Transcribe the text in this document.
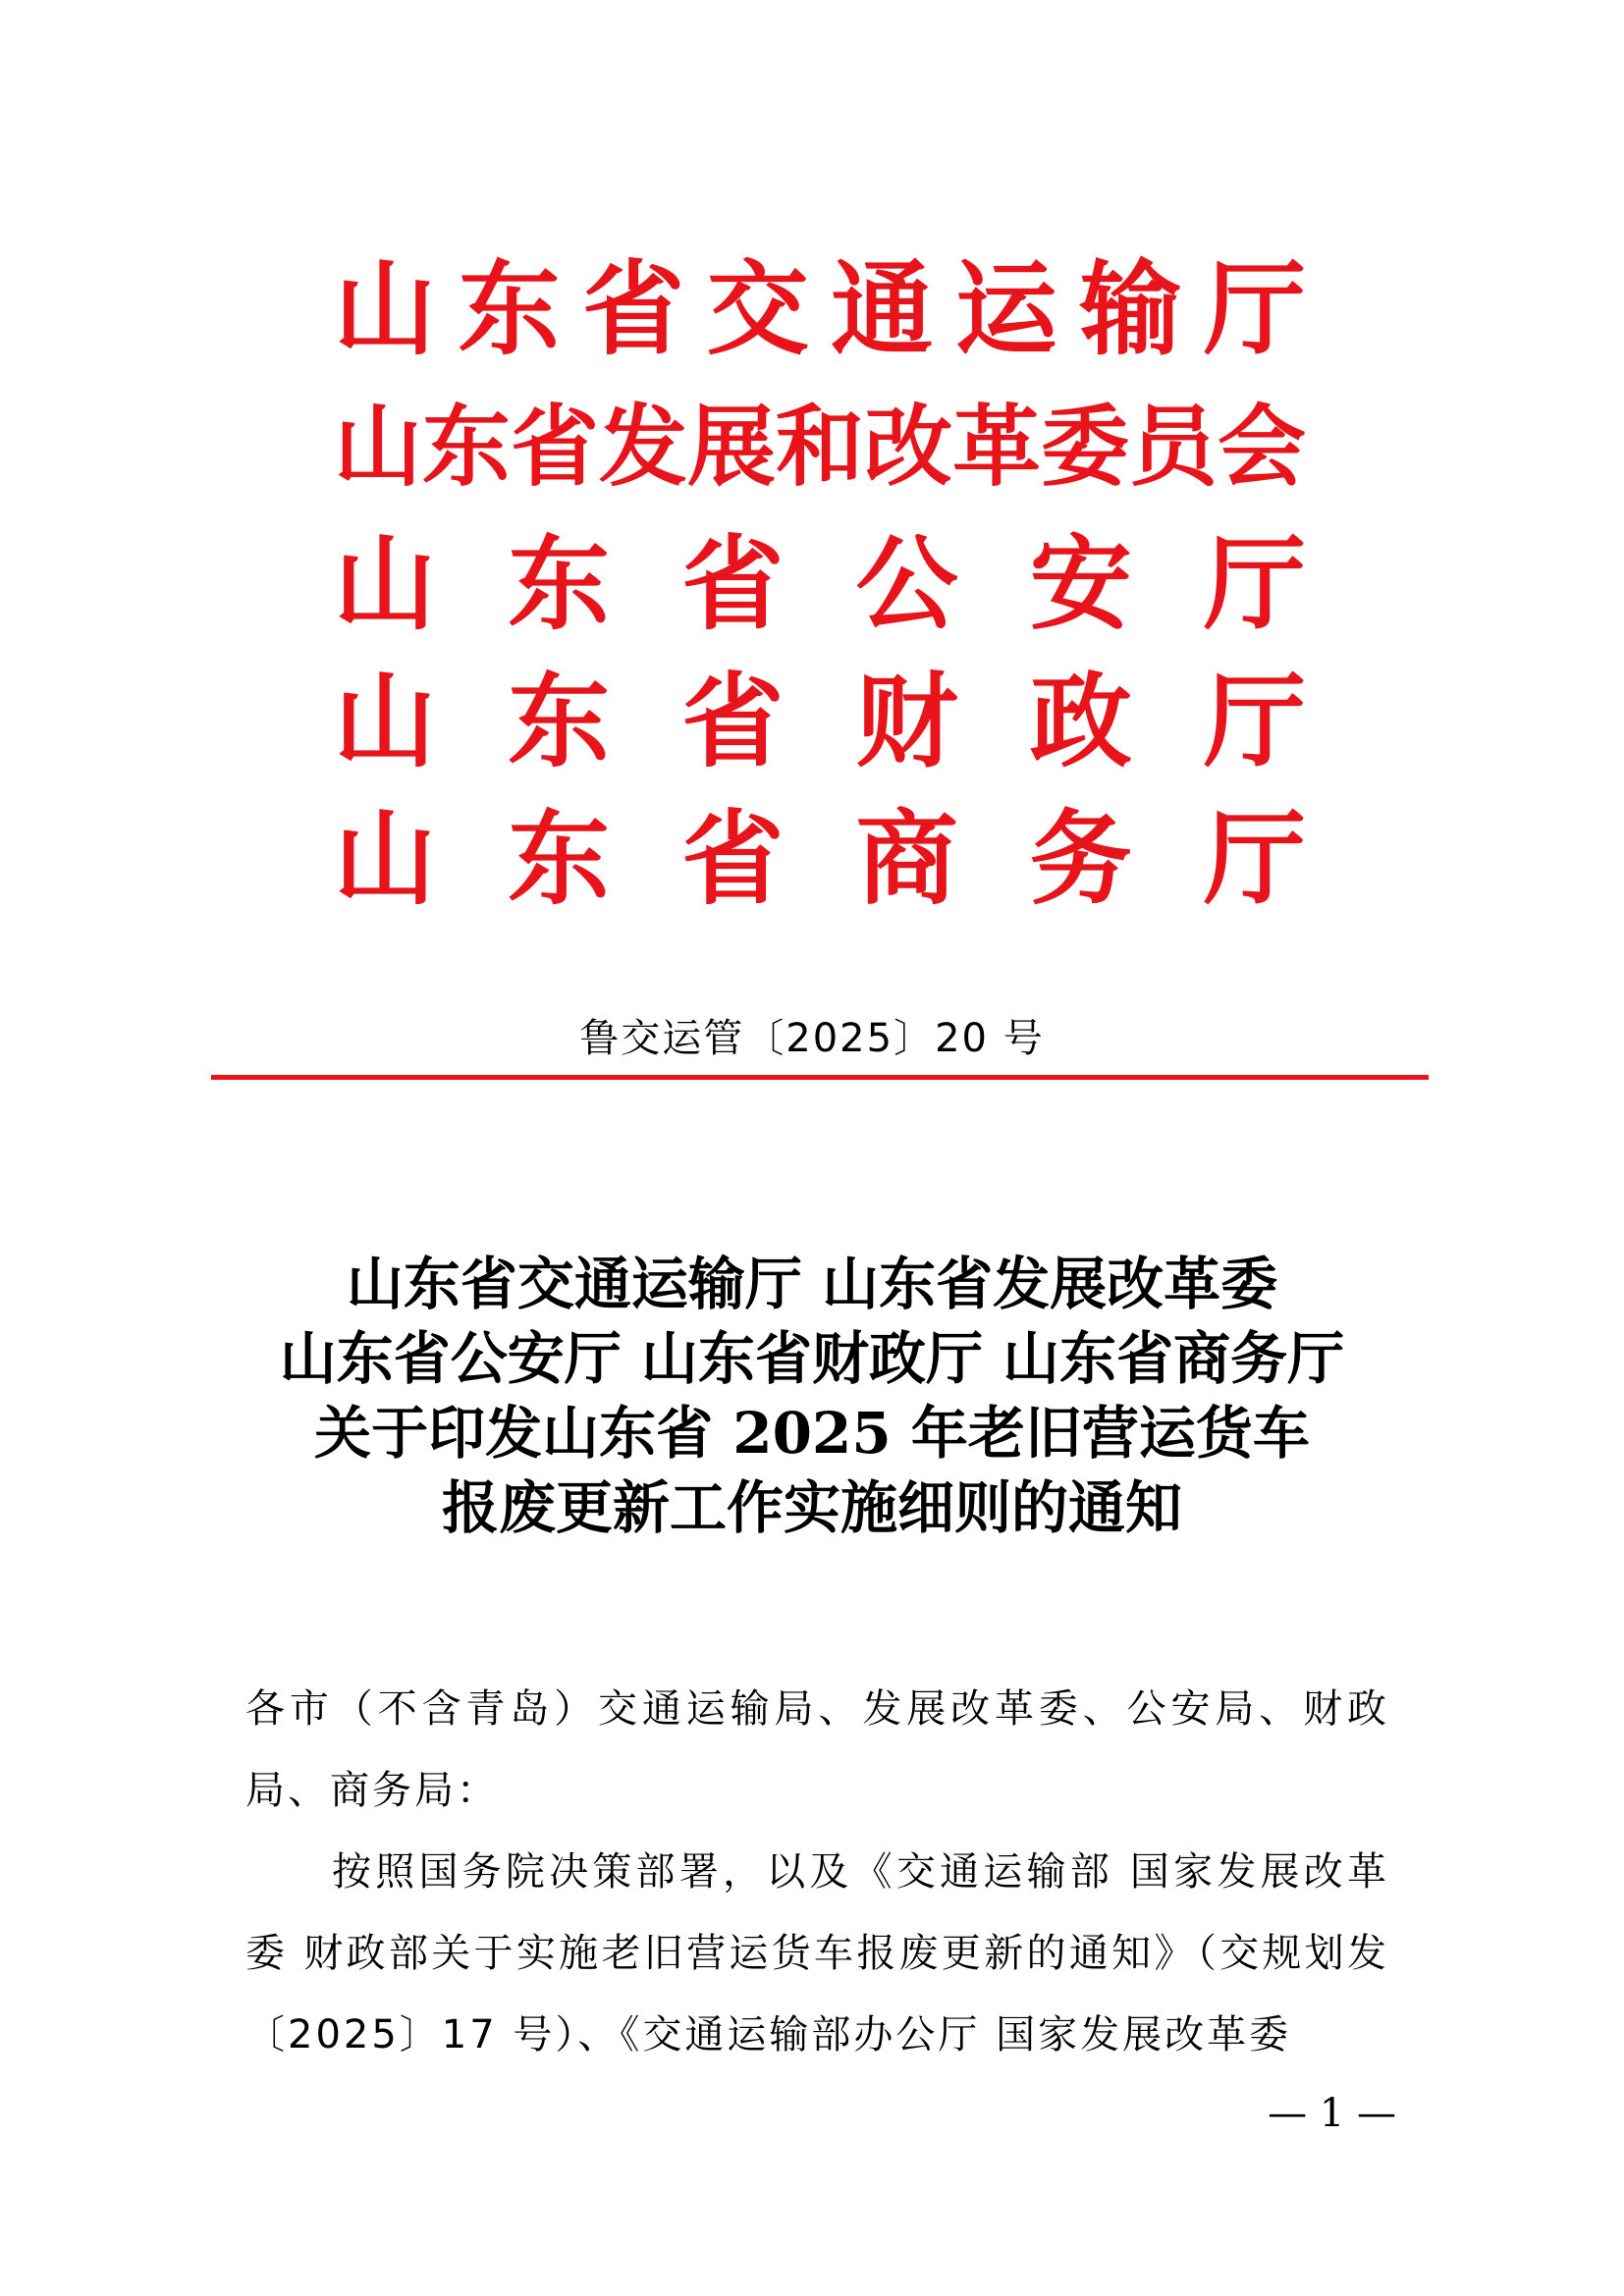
山 东 省 交 通 运 输 厅
山 东 省 发 展 和 改 革 委 员 会
山 东 省 公 安 厅
山 东 省 财 政 厅
山 东 省 商 务 厅
鲁交运管〔2025〕20 号
山东省交通运输厅 山东省发展改革委
山东省公安厅 山东省财政厅 山东省商务厅
关于印发山东省 2025 年老旧营运货车
报废更新工作实施细则的通知

各市（不含青岛）交通运输局、发展改革委、公安局、财政局、商务局：

按照国务院决策部署，以及《交通运输部 国家发展改革委 财政部关于实施老旧营运货车报废更新的通知》（交规划发〔2025〕17 号）、《交通运输部办公厅 国家发展改革委

— 1 —
